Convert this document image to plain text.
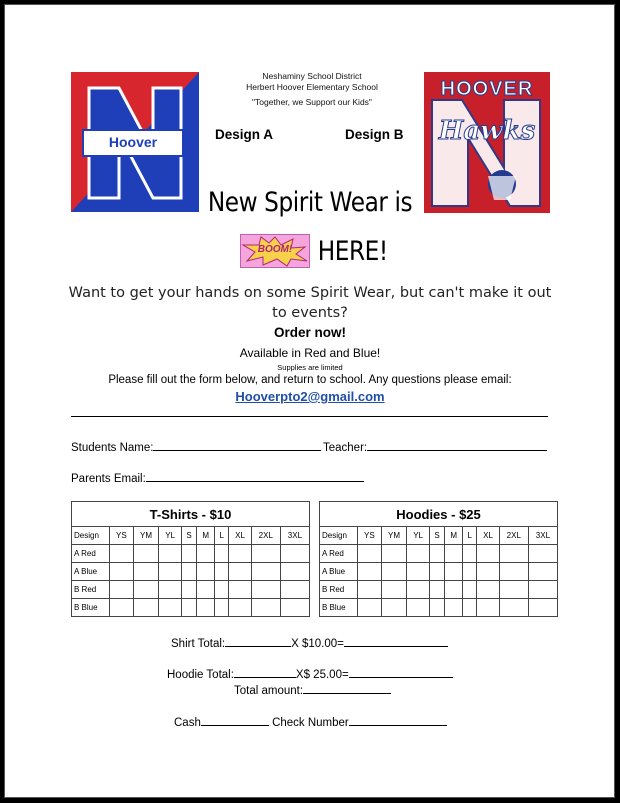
Hoover
HOOVER
Hawks
Neshaminy School District
Herbert Hoover Elementary School
"Together, we Support our Kids"
Design A	Design B
New Spirit Wear is
BOOM! HERE!
Want to get your hands on some Spirit Wear, but can't make it out to events?
Order now!
Available in Red and Blue!
Supplies are limited
Please fill out the form below, and return to school. Any questions please email:
Hooverpto2@gmail.com
Students Name:	Teacher:
Parents Email:
T-Shirts - $10									
Design	YS	YM	YL	S	M	L	XL	2XL	3XL
A Red									
A Blue									
B Red									
B Blue									
Hoodies - $25									
Design	YS	YM	YL	S	M	L	XL	2XL	3XL
A Red									
A Blue									
B Red									
B Blue									
Shirt Total:	X $10.00=
Hoodie Total:	X$ 25.00=
Total amount:
Cash	Check Number
